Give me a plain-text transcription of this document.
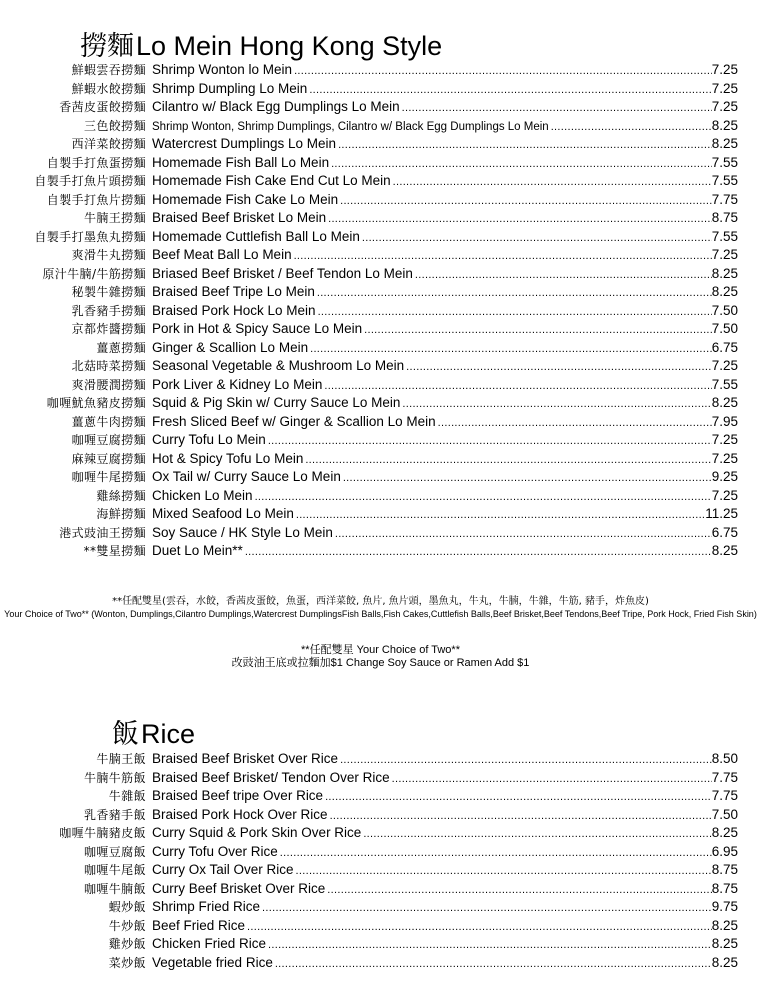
撈麵 Lo Mein Hong Kong Style
鮮蝦雲吞撈麵 Shrimp Wonton lo Mein .....	7.25
鮮蝦水餃撈麵 Shrimp Dumpling Lo Mein .....	7.25
香茜皮蛋餃撈麵 Cilantro w/ Black Egg Dumplings Lo Mein .....	7.25
三色餃撈麵 Shrimp Wonton, Shrimp Dumplings, Cilantro w/ Black Egg Dumplings Lo Mein .....	8.25
西洋菜餃撈麵 Watercrest Dumplings Lo Mein .....	8.25
自製手打魚蛋撈麵 Homemade Fish Ball Lo Mein .....	7.55
自製手打魚片頭撈麵 Homemade Fish Cake End Cut Lo Mein .....	7.55
自製手打魚片撈麵 Homemade Fish Cake Lo Mein .....	7.75
牛腩王撈麵 Braised Beef Brisket Lo Mein .....	8.75
自製手打墨魚丸撈麵 Homemade Cuttlefish Ball Lo Mein .....	7.55
爽滑牛丸撈麵 Beef Meat Ball Lo Mein .....	7.25
原汁牛腩/牛筋撈麵 Briased Beef Brisket / Beef Tendon Lo Mein .....	8.25
秘製牛雜撈麵 Braised Beef Tripe Lo Mein .....	8.25
乳香豬手撈麵 Braised Pork Hock Lo Mein .....	7.50
京都炸醬撈麵 Pork in Hot & Spicy Sauce Lo Mein .....	7.50
薑蔥撈麵 Ginger & Scallion Lo Mein .....	6.75
北菇時菜撈麵 Seasonal Vegetable & Mushroom Lo Mein .....	7.25
爽滑腰潤撈麵 Pork Liver & Kidney Lo Mein .....	7.55
咖喱魷魚豬皮撈麵 Squid & Pig Skin w/ Curry Sauce Lo Mein .....	8.25
薑蔥牛肉撈麵 Fresh Sliced Beef w/ Ginger & Scallion Lo Mein .....	7.95
咖喱豆腐撈麵 Curry Tofu Lo Mein .....	7.25
麻辣豆腐撈麵 Hot & Spicy Tofu Lo Mein .....	7.25
咖喱牛尾撈麵 Ox Tail w/ Curry Sauce Lo Mein .....	9.25
雞絲撈麵 Chicken Lo Mein .....	7.25
海鮮撈麵 Mixed Seafood Lo Mein .....	11.25
港式豉油王撈麵 Soy Sauce / HK Style Lo Mein .....	6.75
**雙星撈麵 Duet Lo Mein** .....	8.25
**任配雙星(雲吞，水餃，香茜皮蛋餃，魚蛋，西洋菜餃, 魚片, 魚片頭，墨魚丸，牛丸，牛腩，牛雜，牛筋, 豬手，炸魚皮)
Your Choice of Two** (Wonton, Dumplings,Cilantro Dumplings,Watercrest DumplingsFish Balls,Fish Cakes,Cuttlefish Balls,Beef Brisket,Beef Tendons,Beef Tripe, Pork Hock, Fried Fish Skin)
**任配雙星 Your Choice of Two**
改豉油王底或拉麵加$1 Change Soy Sauce or Ramen Add $1
飯 Rice
牛腩王飯 Braised Beef Brisket Over Rice .....	8.50
牛腩牛筋飯 Braised Beef Brisket/ Tendon Over Rice .....	7.75
牛雜飯 Braised Beef tripe Over Rice .....	7.75
乳香豬手飯 Braised Pork Hock Over Rice .....	7.50
咖喱牛腩豬皮飯 Curry Squid & Pork Skin Over Rice .....	8.25
咖喱豆腐飯 Curry Tofu Over Rice .....	6.95
咖喱牛尾飯 Curry Ox Tail Over Rice .....	8.75
咖喱牛腩飯 Curry Beef Brisket Over Rice .....	8.75
蝦炒飯 Shrimp Fried Rice .....	9.75
牛炒飯 Beef Fried Rice .....	8.25
雞炒飯 Chicken Fried Rice .....	8.25
菜炒飯 Vegetable fried Rice .....	8.25
